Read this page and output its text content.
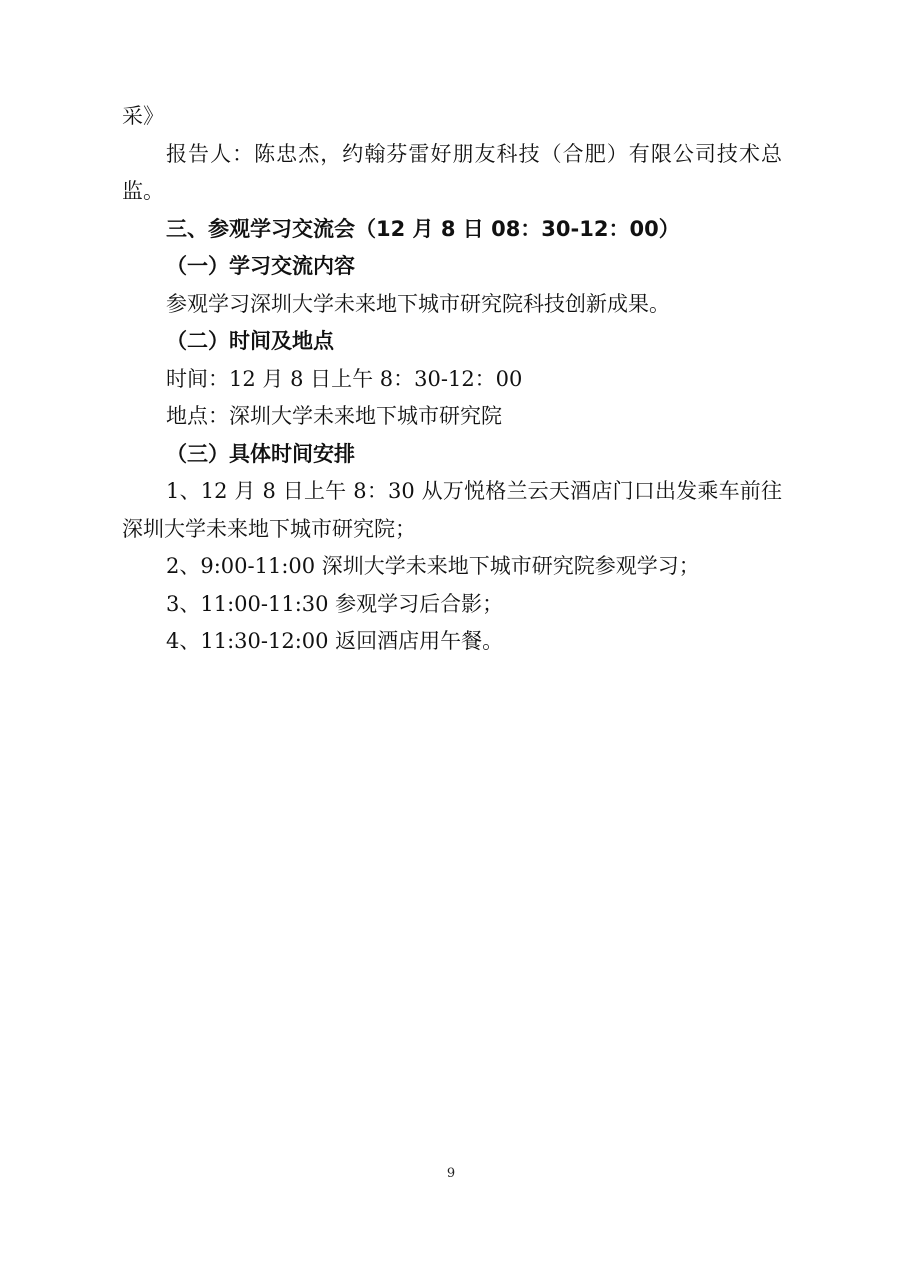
采》

报告人：陈忠杰，约翰芬雷好朋友科技（合肥）有限公司技术总监。

三、参观学习交流会（12 月 8 日 08：30-12：00）

（一）学习交流内容

参观学习深圳大学未来地下城市研究院科技创新成果。

（二）时间及地点

时间：12 月 8 日上午 8：30-12：00

地点：深圳大学未来地下城市研究院

（三）具体时间安排

1、12 月 8 日上午 8：30 从万悦格兰云天酒店门口出发乘车前往深圳大学未来地下城市研究院；

2、9:00-11:00 深圳大学未来地下城市研究院参观学习；

3、11:00-11:30 参观学习后合影；

4、11:30-12:00 返回酒店用午餐。

9
